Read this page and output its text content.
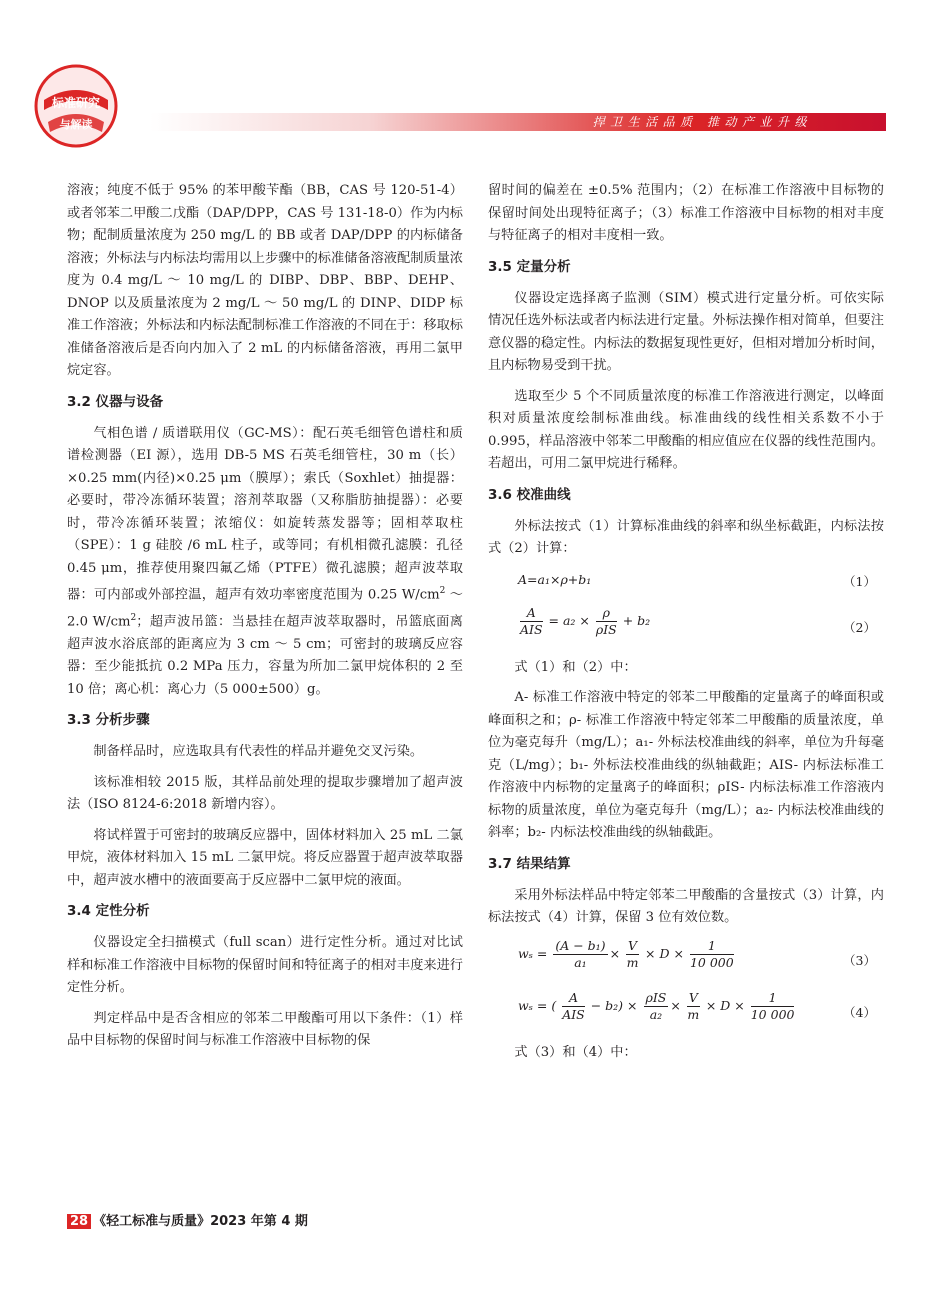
标准研究
与解读	捍卫生活品质 推动产业升级

溶液；纯度不低于 95% 的苯甲酸苄酯（BB，CAS 号 120-51-4）或者邻苯二甲酸二戊酯（DAP/DPP，CAS 号 131-18-0）作为内标物；配制质量浓度为 250 mg/L 的 BB 或者 DAP/DPP 的内标储备溶液；外标法与内标法均需用以上步骤中的标准储备溶液配制质量浓度为 0.4 mg/L ～ 10 mg/L 的 DIBP、DBP、BBP、DEHP、DNOP 以及质量浓度为 2 mg/L ～ 50 mg/L 的 DINP、DIDP 标准工作溶液；外标法和内标法配制标准工作溶液的不同在于：移取标准储备溶液后是否向内加入了 2 mL 的内标储备溶液，再用二氯甲烷定容。

3.2 仪器与设备

气相色谱 / 质谱联用仪（GC-MS）：配石英毛细管色谱柱和质谱检测器（EI 源），选用 DB-5 MS 石英毛细管柱，30 m（长）×0.25 mm(内径)×0.25 μm（膜厚）；索氏（Soxhlet）抽提器：必要时，带冷冻循环装置；溶剂萃取器（又称脂肪抽提器）：必要时，带冷冻循环装置；浓缩仪：如旋转蒸发器等；固相萃取柱（SPE）：1 g 硅胶 /6 mL 柱子，或等同；有机相微孔滤膜：孔径 0.45 μm，推荐使用聚四氟乙烯（PTFE）微孔滤膜；超声波萃取器：可内部或外部控温，超声有效功率密度范围为 0.25 $W/cm^2$ ～ 2.0 $W/cm^2$；超声波吊篮：当悬挂在超声波萃取器时，吊篮底面离超声波水浴底部的距离应为 3 cm ～ 5 cm；可密封的玻璃反应容器：至少能抵抗 0.2 MPa 压力，容量为所加二氯甲烷体积的 2 至 10 倍；离心机：离心力（5 000±500）g。

3.3 分析步骤

制备样品时，应选取具有代表性的样品并避免交叉污染。

该标准相较 2015 版，其样品前处理的提取步骤增加了超声波法（ISO 8124-6:2018 新增内容）。

将试样置于可密封的玻璃反应器中，固体材料加入 25 mL 二氯甲烷，液体材料加入 15 mL 二氯甲烷。将反应器置于超声波萃取器中，超声波水槽中的液面要高于反应器中二氯甲烷的液面。

3.4 定性分析

仪器设定全扫描模式（full scan）进行定性分析。通过对比试样和标准工作溶液中目标物的保留时间和特征离子的相对丰度来进行定性分析。

判定样品中是否含相应的邻苯二甲酸酯可用以下条件：（1）样品中目标物的保留时间与标准工作溶液中目标物的保

留时间的偏差在 ±0.5% 范围内；（2）在标准工作溶液中目标物的保留时间处出现特征离子；（3）标准工作溶液中目标物的相对丰度与特征离子的相对丰度相一致。

3.5 定量分析

仪器设定选择离子监测（SIM）模式进行定量分析。可依实际情况任选外标法或者内标法进行定量。外标法操作相对简单，但要注意仪器的稳定性。内标法的数据复现性更好，但相对增加分析时间，且内标物易受到干扰。

选取至少 5 个不同质量浓度的标准工作溶液进行测定，以峰面积对质量浓度绘制标准曲线。标准曲线的线性相关系数不小于 0.995，样品溶液中邻苯二甲酸酯的相应值应在仪器的线性范围内。若超出，可用二氯甲烷进行稀释。

3.6 校准曲线

外标法按式（1）计算标准曲线的斜率和纵坐标截距，内标法按式（2）计算：

A=a₁×ρ+b₁	（1）
$\frac{A}{\text{AIS}} = a_2 \times \frac{\rho}{\text{ρIS}} + b_2$	（2）

式（1）和（2）中：

A- 标准工作溶液中特定的邻苯二甲酸酯的定量离子的峰面积或峰面积之和；ρ- 标准工作溶液中特定邻苯二甲酸酯的质量浓度，单位为毫克每升（mg/L）；a₁- 外标法校准曲线的斜率，单位为升每毫克（L/mg）；b₁- 外标法校准曲线的纵轴截距；AIS- 内标法标准工作溶液中内标物的定量离子的峰面积；ρIS- 内标法标准工作溶液内标物的质量浓度，单位为毫克每升（mg/L）；a₂- 内标法校准曲线的斜率；b₂- 内标法校准曲线的纵轴截距。

3.7 结果结算

采用外标法样品中特定邻苯二甲酸酯的含量按式（3）计算，内标法按式（4）计算，保留 3 位有效位数。

$w_s = \frac{\text{(A − b₁)}}{\text{a₁}} \times \frac{V}{m} \times D \times \frac{1}{10 000}$	（3）
wₛ = ( $\frac{A}{\text{AIS}} - b_2) \times \frac{\text{ρIS}}{\text{a₂}} \times \frac{V}{m} \times D \times \frac{1}{10 000}$	（4）

式（3）和（4）中：

28 《轻工标准与质量》2023 年第 4 期
